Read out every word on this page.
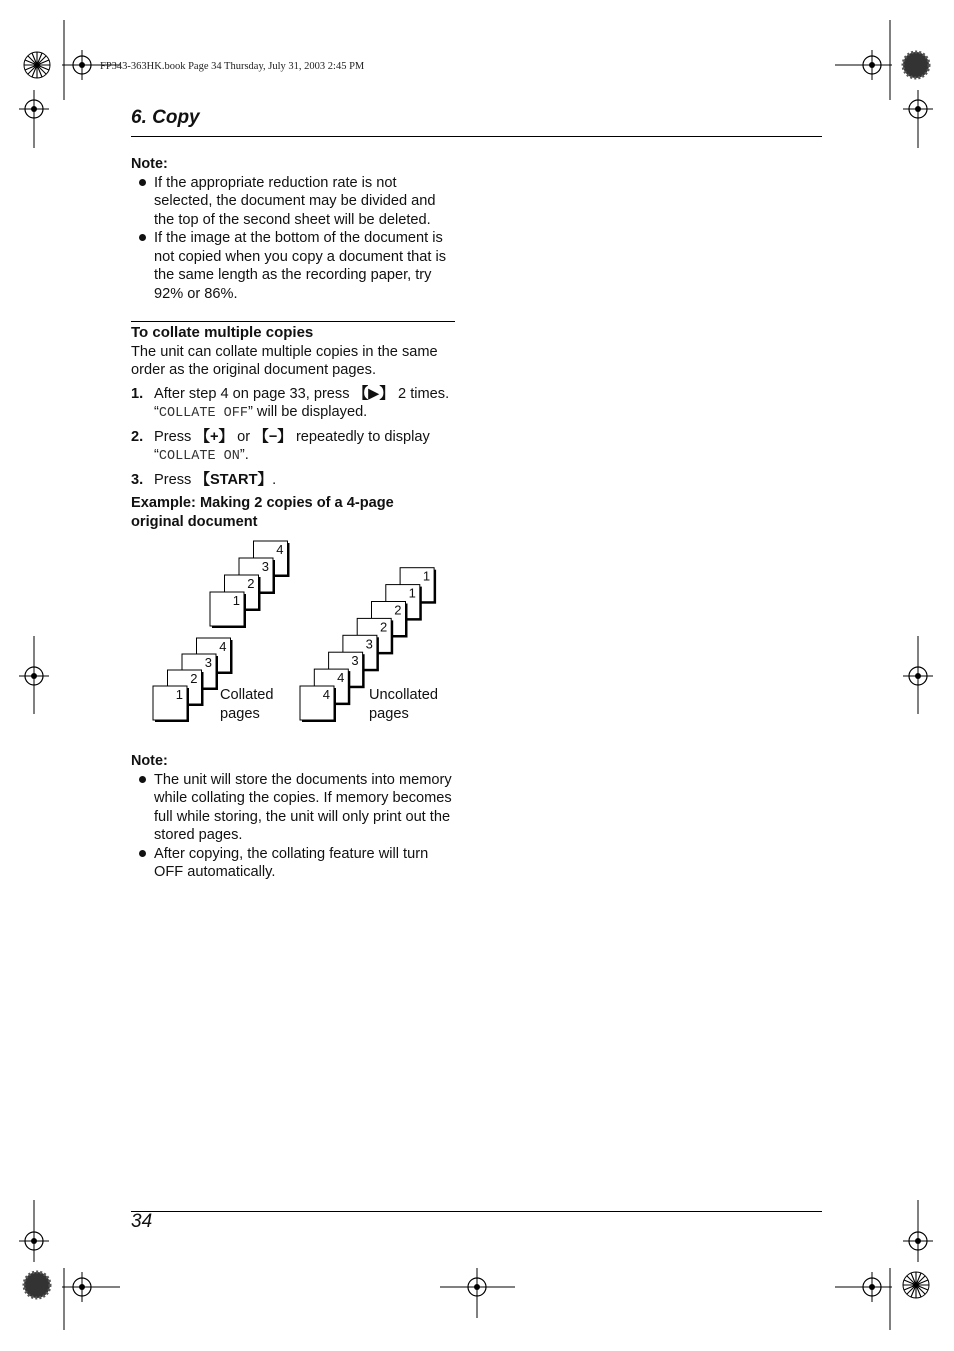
FP343-363HK.book Page 34 Thursday, July 31, 2003 2:45 PM
6. Copy
Note:
If the appropriate reduction rate is not selected, the document may be divided and the top of the second sheet will be deleted.
If the image at the bottom of the document is not copied when you copy a document that is the same length as the recording paper, try 92% or 86%.
To collate multiple copies
The unit can collate multiple copies in the same order as the original document pages.
1. After step 4 on page 33, press 【▶】 2 times.
“COLLATE OFF” will be displayed.
2. Press 【+】 or 【−】 repeatedly to display
“COLLATE ON”.
3. Press 【START】.
Example: Making 2 copies of a 4-page original document
4
3
2
1
4
3
2
1
1
1
2
2
3
3
4
4
Collated
pages
Uncollated
pages
Note:
The unit will store the documents into memory while collating the copies. If memory becomes full while storing, the unit will only print out the stored pages.
After copying, the collating feature will turn OFF automatically.
34
